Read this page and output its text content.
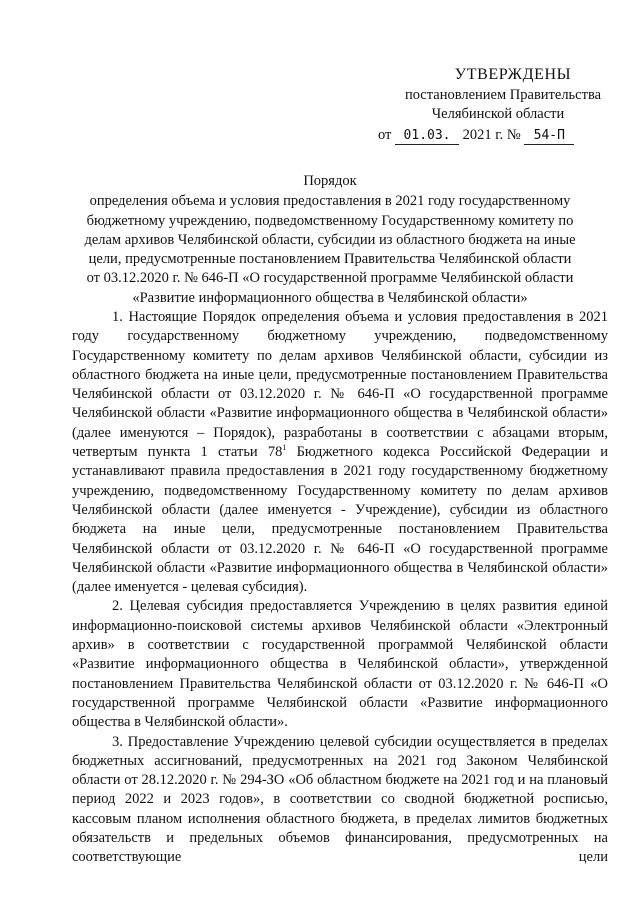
УТВЕРЖДЕНЫ
постановлением Правительства
Челябинской области
от 01.03. 2021 г. № 54-П
Порядок
определения объема и условия предоставления в 2021 году государственному
бюджетному учреждению, подведомственному Государственному комитету по
делам архивов Челябинской области, субсидии из областного бюджета на иные
цели, предусмотренные постановлением Правительства Челябинской области
от 03.12.2020 г. № 646-П «О государственной программе Челябинской области
«Развитие информационного общества в Челябинской области»

1. Настоящие Порядок определения объема и условия предоставления в 2021 году государственному бюджетному учреждению, подведомственному Государственному комитету по делам архивов Челябинской области, субсидии из областного бюджета на иные цели, предусмотренные постановлением Правительства Челябинской области от 03.12.2020 г. № 646-П «О государственной программе Челябинской области «Развитие информационного общества в Челябинской области» (далее именуются – Порядок), разработаны в соответствии с абзацами вторым, четвертым пункта 1 статьи $78^1$ Бюджетного кодекса Российской Федерации и устанавливают правила предоставления в 2021 году государственному бюджетному учреждению, подведомственному Государственному комитету по делам архивов Челябинской области (далее именуется - Учреждение), субсидии из областного бюджета на иные цели, предусмотренные постановлением Правительства Челябинской области от 03.12.2020 г. № 646-П «О государственной программе Челябинской области «Развитие информационного общества в Челябинской области» (далее именуется - целевая субсидия).

2. Целевая субсидия предоставляется Учреждению в целях развития единой информационно-поисковой системы архивов Челябинской области «Электронный архив» в соответствии с государственной программой Челябинской области «Развитие информационного общества в Челябинской области», утвержденной постановлением Правительства Челябинской области от 03.12.2020 г. № 646-П «О государственной программе Челябинской области «Развитие информационного общества в Челябинской области».

3. Предоставление Учреждению целевой субсидии осуществляется в пределах бюджетных ассигнований, предусмотренных на 2021 год Законом Челябинской области от 28.12.2020 г. № 294-ЗО «Об областном бюджете на 2021 год и на плановый период 2022 и 2023 годов», в соответствии со сводной бюджетной росписью, кассовым планом исполнения областного бюджета, в пределах лимитов бюджетных обязательств и предельных объемов финансирования, предусмотренных на соответствующие цели
